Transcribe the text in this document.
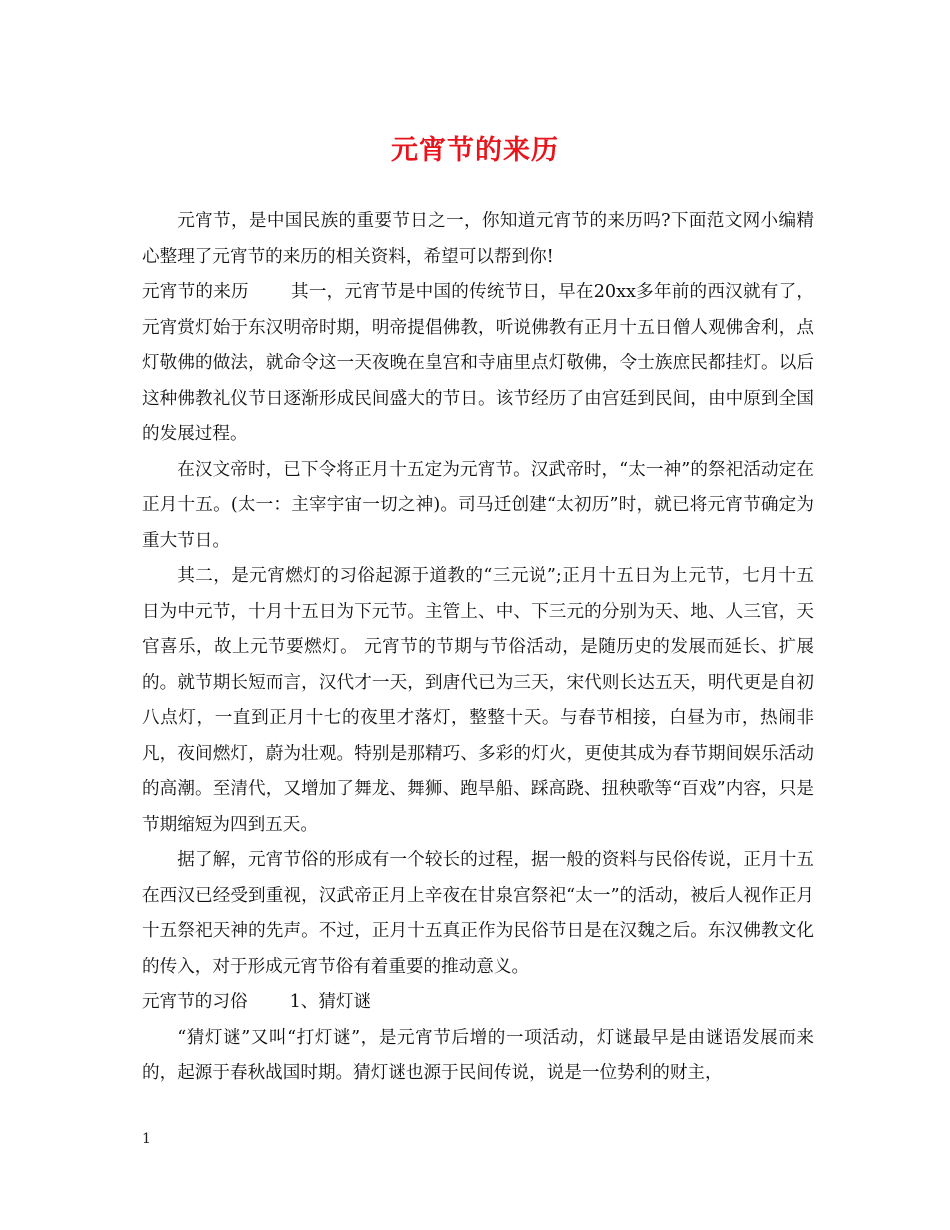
元宵节的来历

元宵节，是中国民族的重要节日之一，你知道元宵节的来历吗?下面范文网小编精心整理了元宵节的来历的相关资料，希望可以帮到你!

元宵节的来历 其一，元宵节是中国的传统节日，早在20xx多年前的西汉就有了，元宵赏灯始于东汉明帝时期，明帝提倡佛教，听说佛教有正月十五日僧人观佛舍利，点灯敬佛的做法，就命令这一天夜晚在皇宫和寺庙里点灯敬佛，令士族庶民都挂灯。以后这种佛教礼仪节日逐渐形成民间盛大的节日。该节经历了由宫廷到民间，由中原到全国的发展过程。

在汉文帝时，已下令将正月十五定为元宵节。汉武帝时，“太一神”的祭祀活动定在正月十五。(太一：主宰宇宙一切之神)。司马迁创建“太初历”时，就已将元宵节确定为重大节日。

其二，是元宵燃灯的习俗起源于道教的“三元说”;正月十五日为上元节，七月十五日为中元节，十月十五日为下元节。主管上、中、下三元的分别为天、地、人三官，天官喜乐，故上元节要燃灯。 元宵节的节期与节俗活动，是随历史的发展而延长、扩展的。就节期长短而言，汉代才一天，到唐代已为三天，宋代则长达五天，明代更是自初八点灯，一直到正月十七的夜里才落灯，整整十天。与春节相接，白昼为市，热闹非凡，夜间燃灯，蔚为壮观。特别是那精巧、多彩的灯火，更使其成为春节期间娱乐活动的高潮。至清代，又增加了舞龙、舞狮、跑旱船、踩高跷、扭秧歌等“百戏”内容，只是节期缩短为四到五天。

据了解，元宵节俗的形成有一个较长的过程，据一般的资料与民俗传说，正月十五在西汉已经受到重视，汉武帝正月上辛夜在甘泉宫祭祀“太一”的活动，被后人视作正月十五祭祀天神的先声。不过，正月十五真正作为民俗节日是在汉魏之后。东汉佛教文化的传入，对于形成元宵节俗有着重要的推动意义。

元宵节的习俗 1、猜灯谜

“猜灯谜”又叫“打灯谜”，是元宵节后增的一项活动，灯谜最早是由谜语发展而来的，起源于春秋战国时期。猜灯谜也源于民间传说，说是一位势利的财主，

1
